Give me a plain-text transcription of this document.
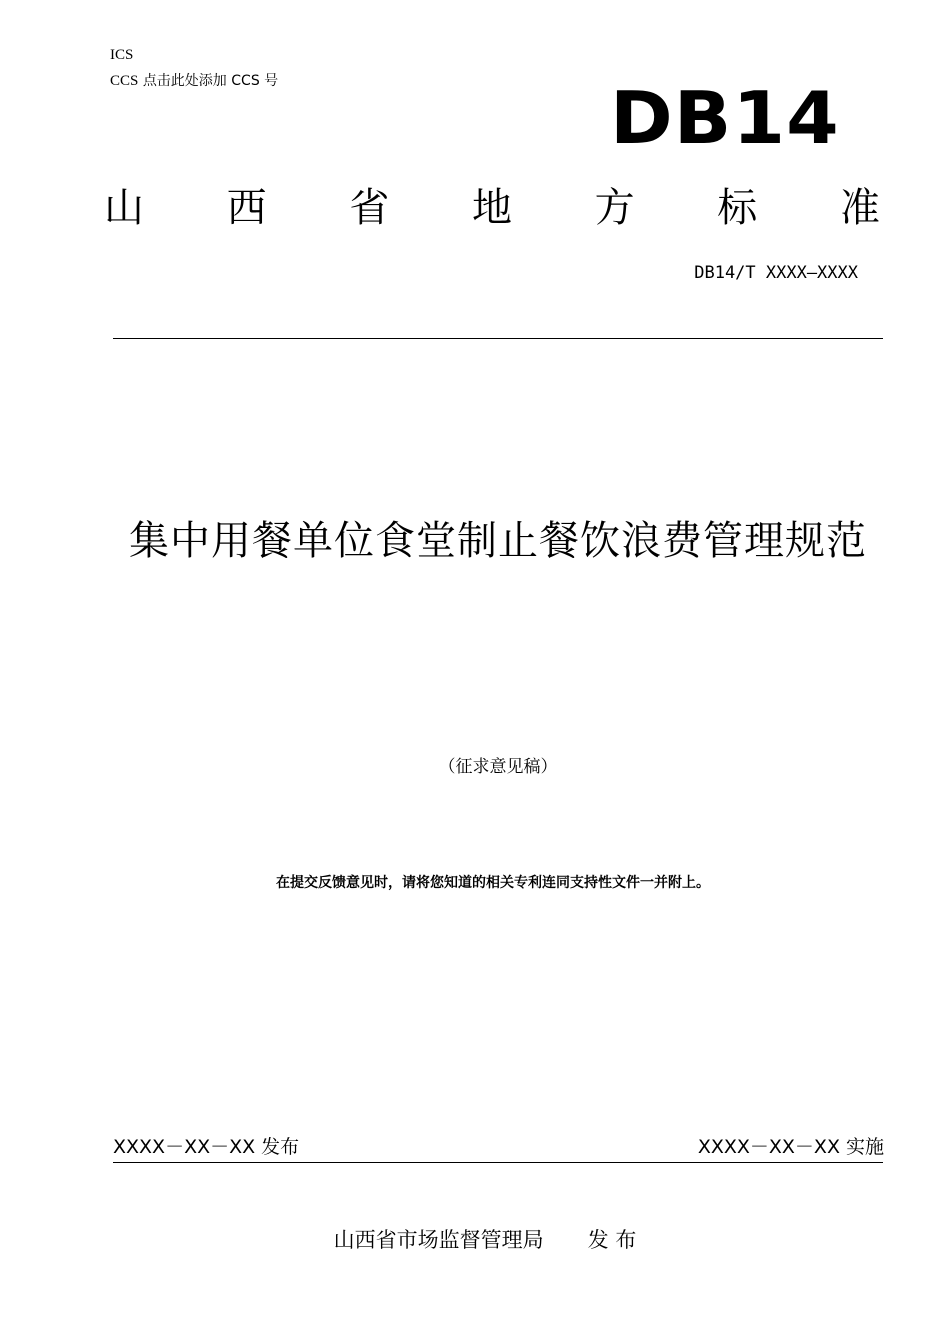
ICS
CCS 点击此处添加 CCS 号	DB14
山 西 省 地 方 标 准
DB14/T XXXX—XXXX
集中用餐单位食堂制止餐饮浪费管理规范
（征求意见稿）
在提交反馈意见时，请将您知道的相关专利连同支持性文件一并附上。
XXXX－XX－XX 发布	XXXX－XX－XX 实施
山西省市场监督管理局 发 布
